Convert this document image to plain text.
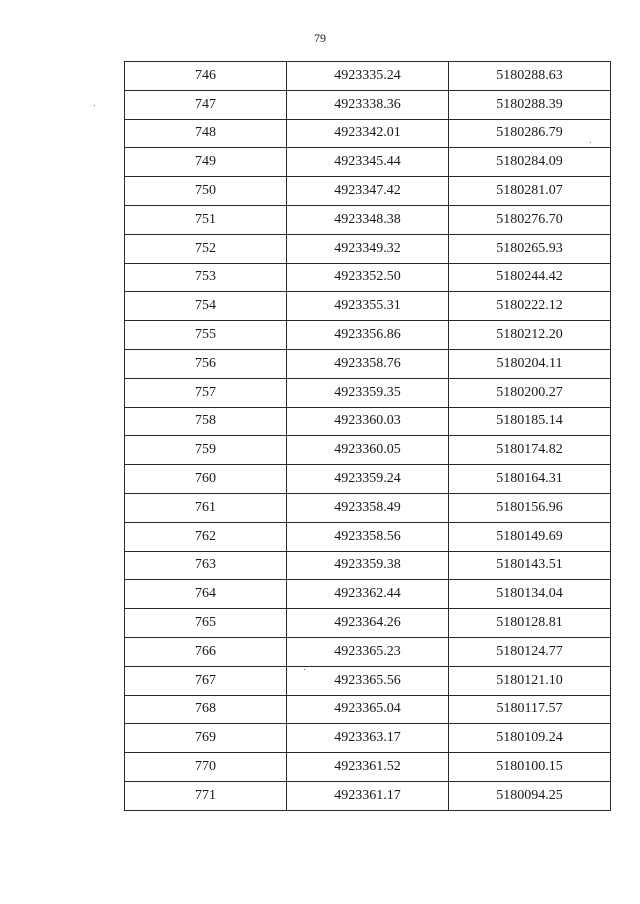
79
746	4923335.24	5180288.63
747	4923338.36	5180288.39
748	4923342.01	5180286.79
749	4923345.44	5180284.09
750	4923347.42	5180281.07
751	4923348.38	5180276.70
752	4923349.32	5180265.93
753	4923352.50	5180244.42
754	4923355.31	5180222.12
755	4923356.86	5180212.20
756	4923358.76	5180204.11
757	4923359.35	5180200.27
758	4923360.03	5180185.14
759	4923360.05	5180174.82
760	4923359.24	5180164.31
761	4923358.49	5180156.96
762	4923358.56	5180149.69
763	4923359.38	5180143.51
764	4923362.44	5180134.04
765	4923364.26	5180128.81
766	4923365.23	5180124.77
767	4923365.56	5180121.10
768	4923365.04	5180117.57
769	4923363.17	5180109.24
770	4923361.52	5180100.15
771	4923361.17	5180094.25
